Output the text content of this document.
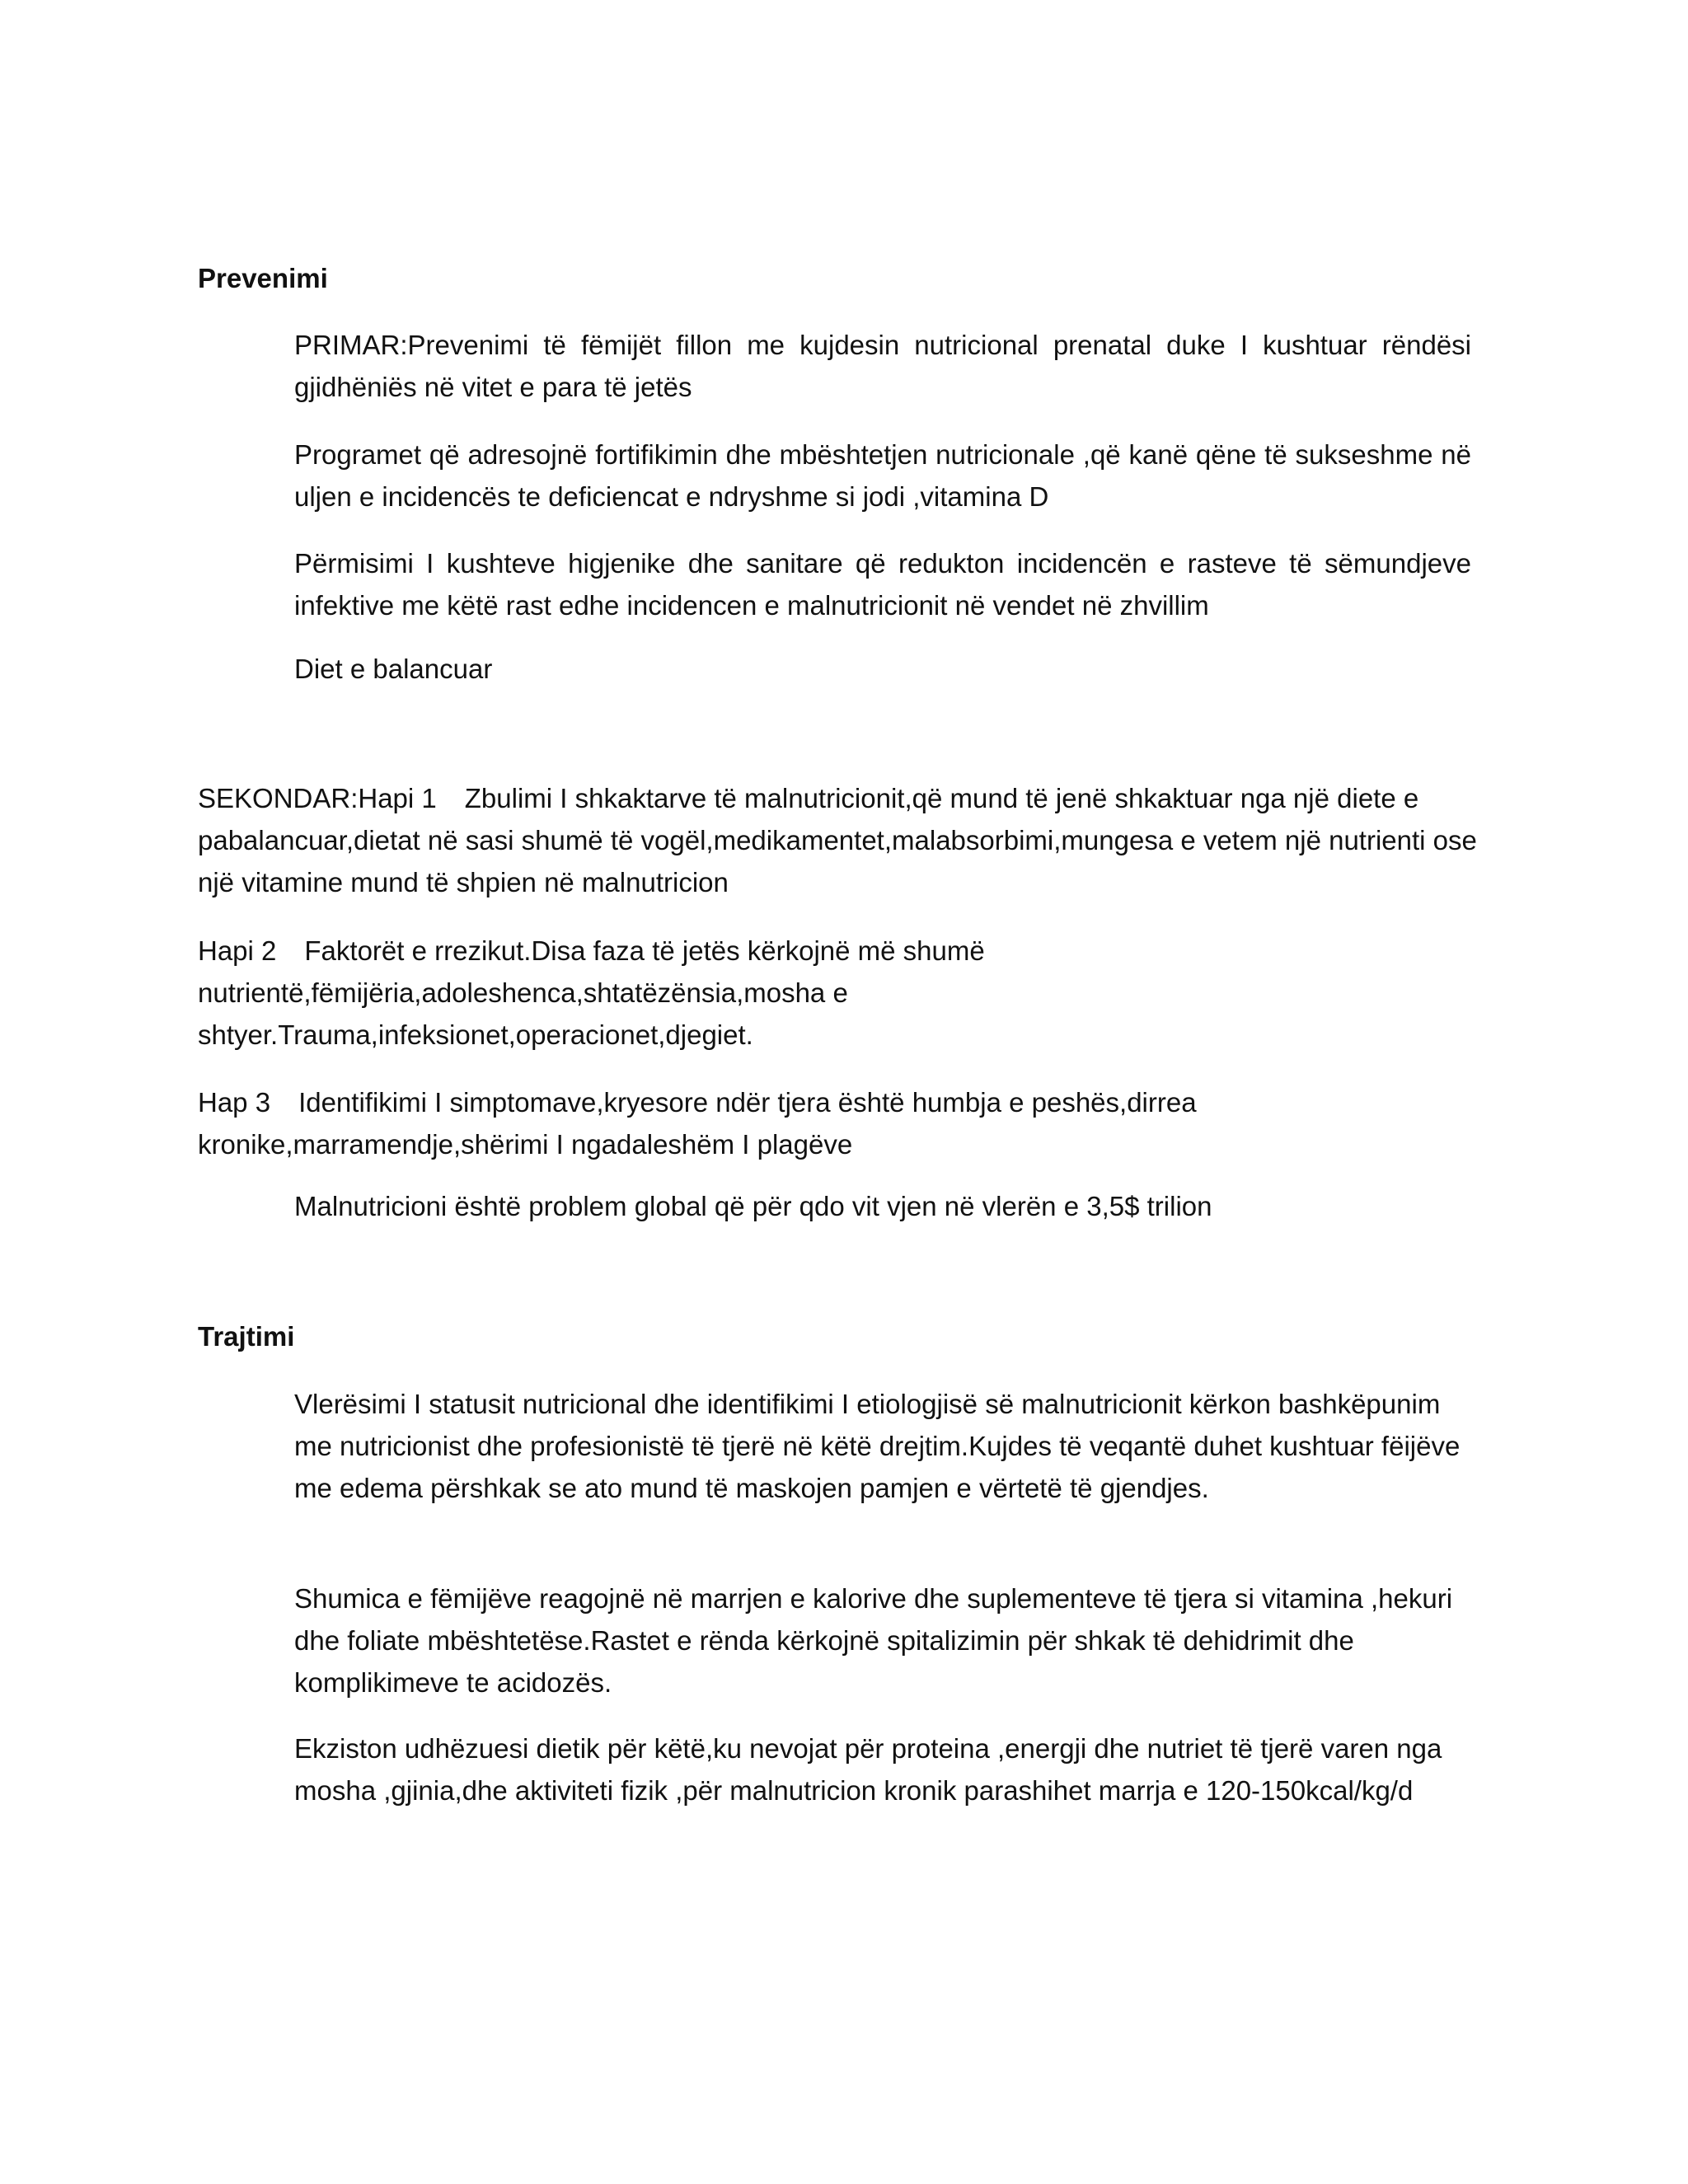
Prevenimi

PRIMAR:Prevenimi të fëmijët fillon me kujdesin nutricional prenatal duke I kushtuar rëndësi gjidhëniës në vitet e para të jetës

Programet që adresojnë fortifikimin dhe mbështetjen nutricionale ,që kanë qëne të sukseshme në uljen e incidencës te deficiencat e ndryshme si jodi ,vitamina D

Përmisimi I kushteve higjenike dhe sanitare që redukton incidencën e rasteve të sëmundjeve infektive me këtë rast edhe incidencen e malnutricionit në vendet në zhvillim

Diet e balancuar

SEKONDAR:Hapi 1 Zbulimi I shkaktarve të malnutricionit,që mund të jenë shkaktuar nga një diete e pabalancuar,dietat në sasi shumë të vogël,medikamentet,malabsorbimi,mungesa e vetem një nutrienti ose një vitamine mund të shpien në malnutricion

Hapi 2 Faktorët e rrezikut.Disa faza të jetës kërkojnë më shumë nutrientë,fëmijëria,adoleshenca,shtatëzënsia,mosha e shtyer.Trauma,infeksionet,operacionet,djegiet.

Hap 3 Identifikimi I simptomave,kryesore ndër tjera është humbja e peshës,dirrea kronike,marramendje,shërimi I ngadaleshëm I plagëve

Malnutricioni është problem global që për qdo vit vjen në vlerën e 3,5$ trilion

Trajtimi

Vlerësimi I statusit nutricional dhe identifikimi I etiologjisë së malnutricionit kërkon bashkëpunim me nutricionist dhe profesionistë të tjerë në këtë drejtim.Kujdes të veqantë duhet kushtuar fëijëve me edema përshkak se ato mund të maskojen pamjen e vërtetë të gjendjes.

Shumica e fëmijëve reagojnë në marrjen e kalorive dhe suplementeve të tjera si vitamina ,hekuri dhe foliate mbështetëse.Rastet e rënda kërkojnë spitalizimin për shkak të dehidrimit dhe komplikimeve te acidozës.

Ekziston udhëzuesi dietik për këtë,ku nevojat për proteina ,energji dhe nutriet të tjerë varen nga mosha ,gjinia,dhe aktiviteti fizik ,për malnutricion kronik parashihet marrja e 120-150kcal/kg/d
